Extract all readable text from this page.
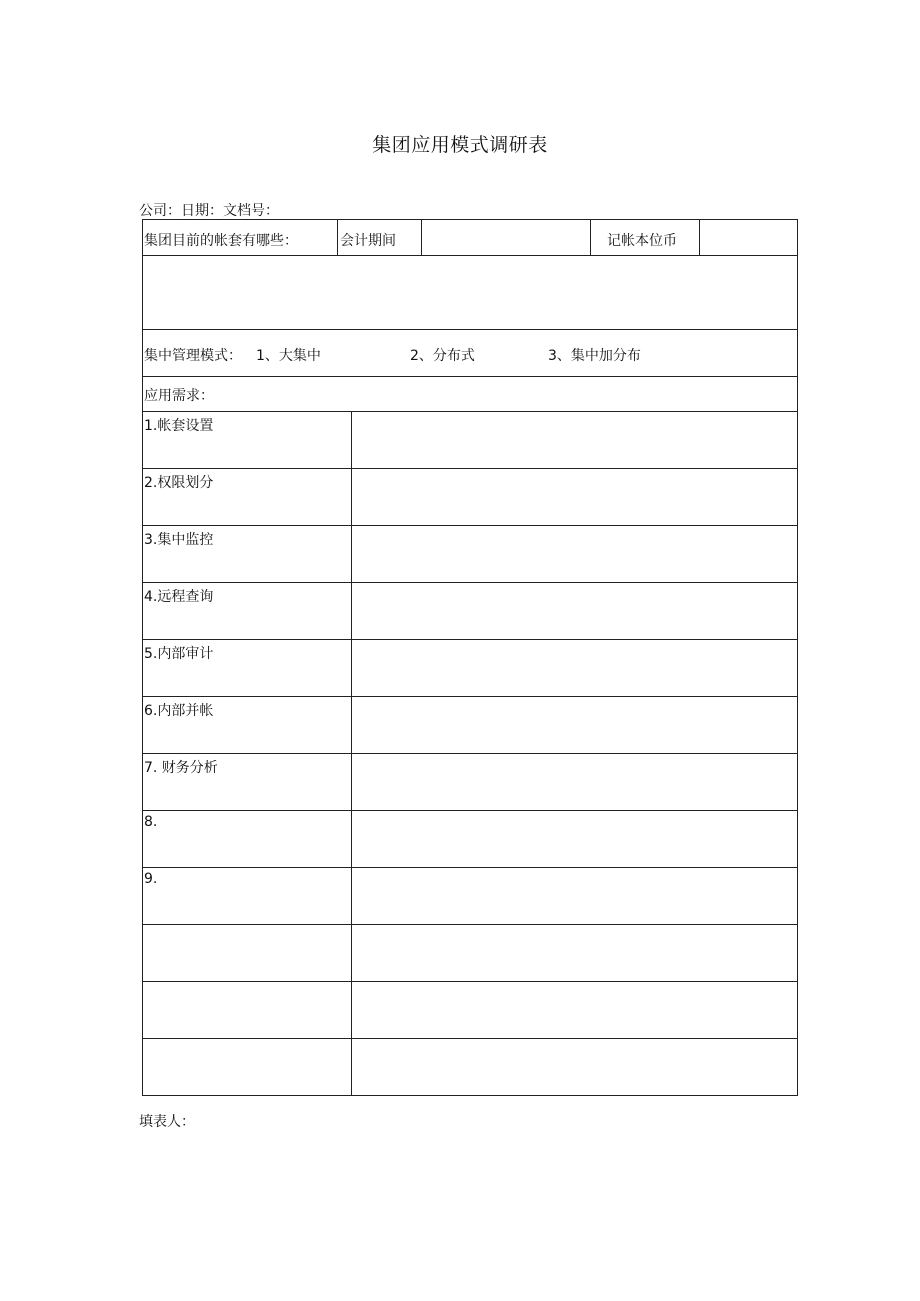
集团应用模式调研表
公司：日期：文档号：
集团目前的帐套有哪些：	会计期间	记帐本位币
集中管理模式： 1、大集中	2、分布式	3、集中加分布
应用需求：
1.帐套设置	
2.权限划分	
3.集中监控	
4.远程查询	
5.内部审计	
6.内部并帐	
7. 财务分析	
8.	
9.	

填表人：
